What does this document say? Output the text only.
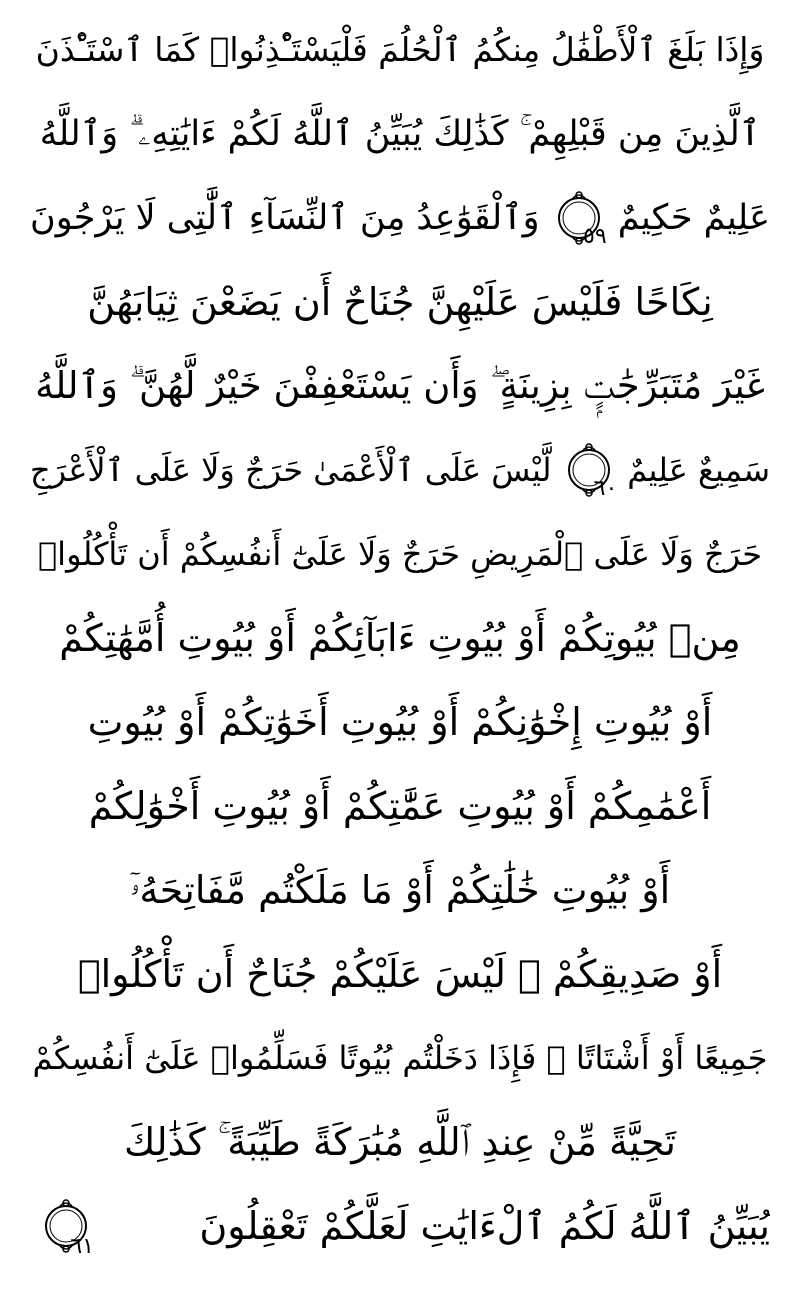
وَإِذَا بَلَغَ ٱلْأَطْفَٰلُ مِنكُمُ ٱلْحُلُمَ فَلْيَسْتَـْٔذِنُوا۟ كَمَا ٱسْتَـْٔذَنَ
ٱلَّذِينَ مِن قَبْلِهِمْ ۚ كَذَٰلِكَ يُبَيِّنُ ٱللَّهُ لَكُمْ ءَايَٰتِهِۦ ۗ وَٱللَّهُ
عَلِيمٌ حَكِيمٌ
٥٩
وَٱلْقَوَٰعِدُ مِنَ ٱلنِّسَآءِ ٱلَّٰتِى لَا يَرْجُونَ
نِكَاحًا فَلَيْسَ عَلَيْهِنَّ جُنَاحٌ أَن يَضَعْنَ ثِيَابَهُنَّ
غَيْرَ مُتَبَرِّجَٰتٍۭ بِزِينَةٍ ۖ وَأَن يَسْتَعْفِفْنَ خَيْرٌ لَّهُنَّ ۗ وَٱللَّهُ
سَمِيعٌ عَلِيمٌ
٦٠
لَّيْسَ عَلَى ٱلْأَعْمَىٰ حَرَجٌ وَلَا عَلَى ٱلْأَعْرَجِ
حَرَجٌ وَلَا عَلَى ٱلْمَرِيضِ حَرَجٌ وَلَا عَلَىٰٓ أَنفُسِكُمْ أَن تَأْكُلُوا۟
مِنۢ بُيُوتِكُمْ أَوْ بُيُوتِ ءَابَآئِكُمْ أَوْ بُيُوتِ أُمَّهَٰتِكُمْ
أَوْ بُيُوتِ إِخْوَٰنِكُمْ أَوْ بُيُوتِ أَخَوَٰتِكُمْ أَوْ بُيُوتِ
أَعْمَٰمِكُمْ أَوْ بُيُوتِ عَمَّٰتِكُمْ أَوْ بُيُوتِ أَخْوَٰلِكُمْ
أَوْ بُيُوتِ خَٰلَٰتِكُمْ أَوْ مَا مَلَكْتُم مَّفَاتِحَهُۥٓ
أَوْ صَدِيقِكُمْ ۚ لَيْسَ عَلَيْكُمْ جُنَاحٌ أَن تَأْكُلُوا۟
جَمِيعًا أَوْ أَشْتَاتًا ۚ فَإِذَا دَخَلْتُم بُيُوتًا فَسَلِّمُوا۟ عَلَىٰٓ أَنفُسِكُمْ
تَحِيَّةً مِّنْ عِندِ ٱللَّهِ مُبَٰرَكَةً طَيِّبَةً ۚ كَذَٰلِكَ
يُبَيِّنُ ٱللَّهُ لَكُمُ ٱلْءَايَٰتِ لَعَلَّكُمْ تَعْقِلُونَ
٦١
